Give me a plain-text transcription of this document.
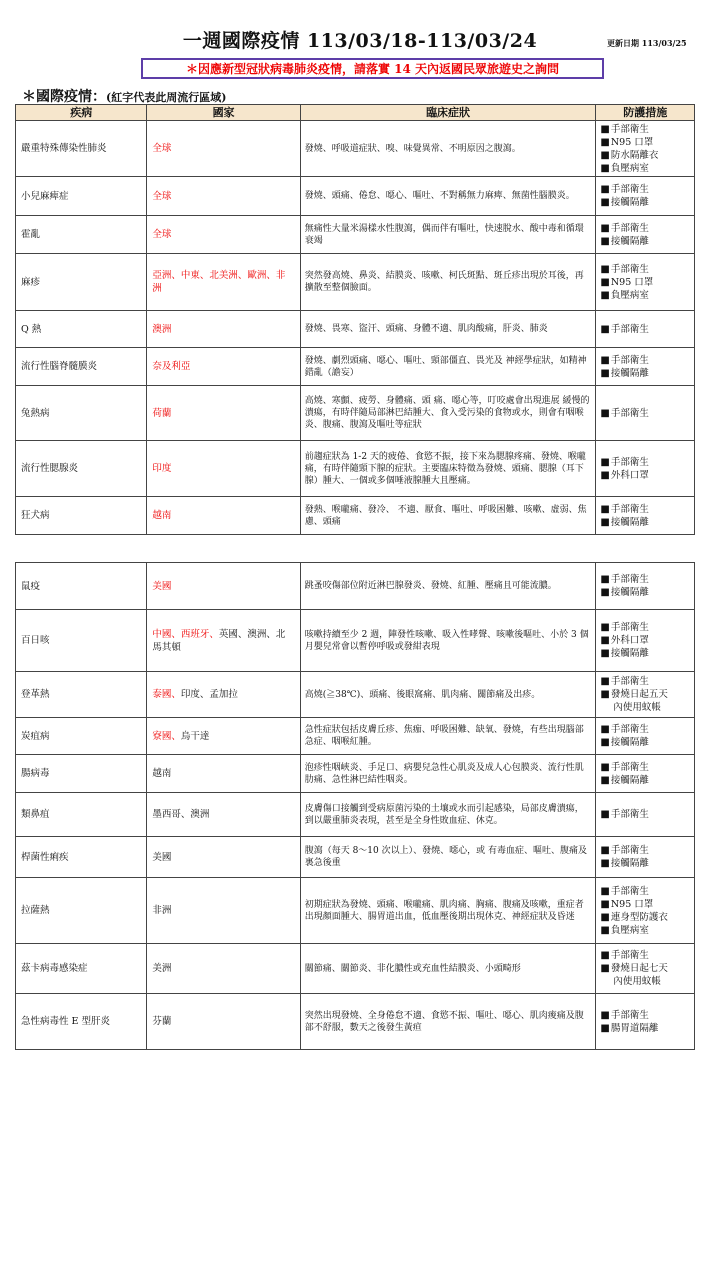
一週國際疫情 113/03/18-113/03/24	更新日期 113/03/25
＊因應新型冠狀病毒肺炎疫情，請落實 14 天內返國民眾旅遊史之詢問
＊國際疫情：(紅字代表此周流行區域)
疾病	國家	臨床症狀	防護措施
嚴重特殊傳染性肺炎	全球	發燒、呼吸道症狀、嗅、味覺異常、不明原因之腹瀉。	■ 手部衛生
■ N95 口罩
■ 防水隔離衣
■ 負壓病室

小兒麻痺症	全球	發燒、頭痛、倦怠、噁心、嘔吐、不對稱無力麻痺、無菌性腦膜炎。	■ 手部衛生
■ 接觸隔離

霍亂	全球	無痛性大量米湯樣水性腹瀉，偶而伴有嘔吐，快速脫水、酸中毒和循環衰竭	■ 手部衛生
■ 接觸隔離

麻疹	亞洲、中東、北美洲、歐洲、非洲	突然發高燒、鼻炎、結膜炎、咳嗽、柯氏斑點、斑丘疹出現於耳後，再擴散至整個臉面。	■ 手部衛生
■ N95 口罩
■ 負壓病室

Q 熱	澳洲	發燒、畏寒、盜汗、頭痛、身體不適、肌肉酸痛，肝炎、肺炎	■ 手部衛生

流行性腦脊髓膜炎	奈及利亞	發燒、劇烈頭痛、噁心、嘔吐、頸部僵直、畏光及 神經學症狀，如精神錯亂（譫妄）	■ 手部衛生
■ 接觸隔離

兔熱病	荷蘭	高燒、寒顫、疲勞、身體痛、頭 痛、噁心等，叮咬處會出現進展 緩慢的潰瘍，有時伴隨局部淋巴結腫大、食入受污染的食物或水，則會有咽喉炎、腹痛、腹瀉及嘔吐等症狀	■ 手部衛生

流行性腮腺炎	印度	前趨症狀為 1-2 天的疲倦、食慾不振，接下來為腮腺疼痛、發燒、喉嚨痛，有時伴隨頸下腺的症狀。主要臨床特徵為發燒、頭痛、腮腺（耳下腺）腫大、一個或多個唾液腺腫大且壓痛。	■ 手部衛生
■ 外科口罩

狂犬病	越南	發熱、喉嚨痛、發冷、 不適、厭食、嘔吐、呼吸困難、咳嗽、虛弱、焦慮、頭痛	■ 手部衛生
■ 接觸隔離
鼠疫	美國	跳蚤咬傷部位附近淋巴腺發炎、發燒、紅腫、壓痛且可能流膿。	■ 手部衛生
■ 接觸隔離

百日咳	中國、西班牙、英國、澳洲、北馬其頓	咳嗽持續至少 2 週，陣發性咳嗽、吸入性哮聲、咳嗽後嘔吐、小於 3 個月嬰兒常會以暫停呼吸或發紺表現	■ 手部衛生
■ 外科口罩
■ 接觸隔離

登革熱	泰國、印度、孟加拉	高燒(≧38℃)、頭痛、後眼窩痛、肌肉痛、關節痛及出疹。	■ 手部衛生
■ 發燒日起五天
內使用蚊帳

炭疽病	寮國、烏干達	急性症狀包括皮膚丘疹、焦痂、呼吸困難、缺氧、發燒，有些出現腦部急症、咽喉紅腫。	■ 手部衛生
■ 接觸隔離

腸病毒	越南	泡疹性咽峽炎、手足口、病嬰兒急性心肌炎及成人心包膜炎、流行性肌肋痛、急性淋巴結性咽炎。	■ 手部衛生
■ 接觸隔離

類鼻疽	墨西哥、澳洲	皮膚傷口接觸到受病原菌污染的土壤或水而引起感染，局部皮膚潰瘍，到以嚴重肺炎表現，甚至是全身性敗血症、休克。	■ 手部衛生

桿菌性痢疾	美國	腹瀉（每天 8～10 次以上）、發燒、噁心，或 有毒血症、嘔吐、腹痛及裏急後重	■ 手部衛生
■ 接觸隔離

拉薩熱	非洲	初期症狀為發燒、頭痛、喉嚨痛、肌肉痛、胸痛、腹痛及咳嗽，重症者出現顏面腫大、腸胃道出血，低血壓後期出現休克、神經症狀及昏迷	■ 手部衛生
■ N95 口罩
■ 連身型防護衣
■ 負壓病室

茲卡病毒感染症	美洲	關節痛、關節炎、非化膿性或充血性結膜炎、小頭畸形	■ 手部衛生
■ 發燒日起七天
內使用蚊帳

急性病毒性 E 型肝炎	芬蘭	突然出現發燒、全身倦怠不適、食慾不振、嘔吐、噁心、肌肉痠痛及腹部不舒服，數天之後發生黃疸	■ 手部衛生
■ 腸胃道隔離
